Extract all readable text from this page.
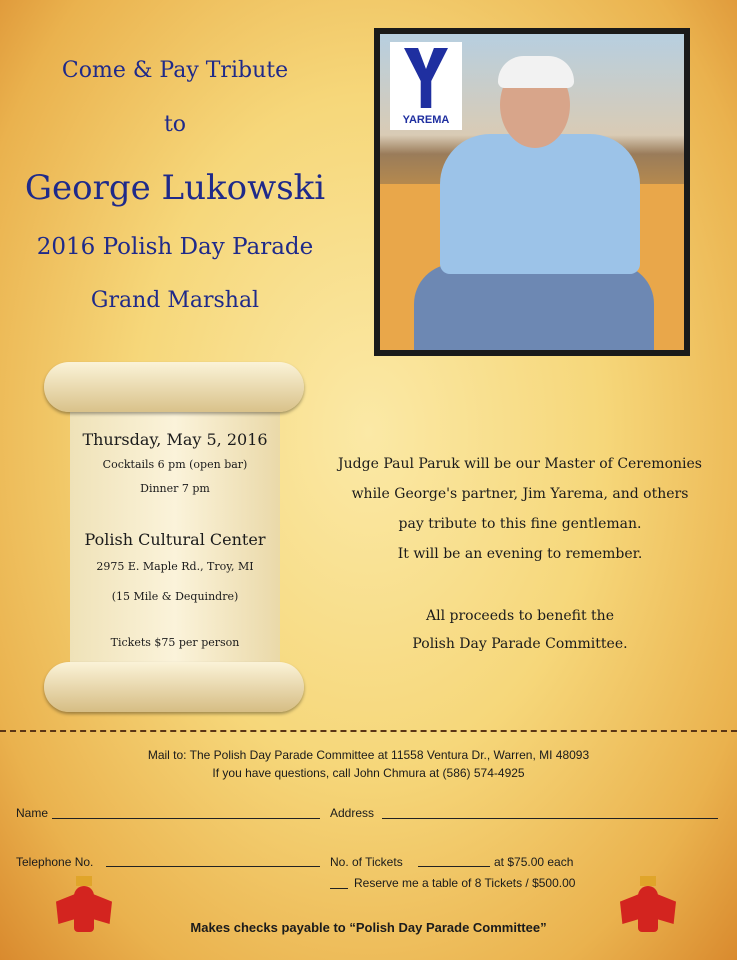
Come & Pay Tribute
to
George Lukowski
2016 Polish Day Parade
Grand Marshal
YAREMA
Thursday, May 5, 2016
Cocktails 6 pm (open bar)
Dinner 7 pm
Polish Cultural Center
2975 E. Maple Rd., Troy, MI
(15 Mile & Dequindre)
Tickets $75 per person
Judge Paul Paruk will be our Master of Ceremonies
while George's partner, Jim Yarema, and others
pay tribute to this fine gentleman.
It will be an evening to remember.
All proceeds to benefit the
Polish Day Parade Committee.
Mail to: The Polish Day Parade Committee at 11558 Ventura Dr., Warren, MI 48093
If you have questions, call John Chmura at (586) 574-4925
Name	Address
Telephone No.	No. of Tickets	at $75.00 each
Reserve me a table of 8 Tickets / $500.00
Makes checks payable to “Polish Day Parade Committee”
